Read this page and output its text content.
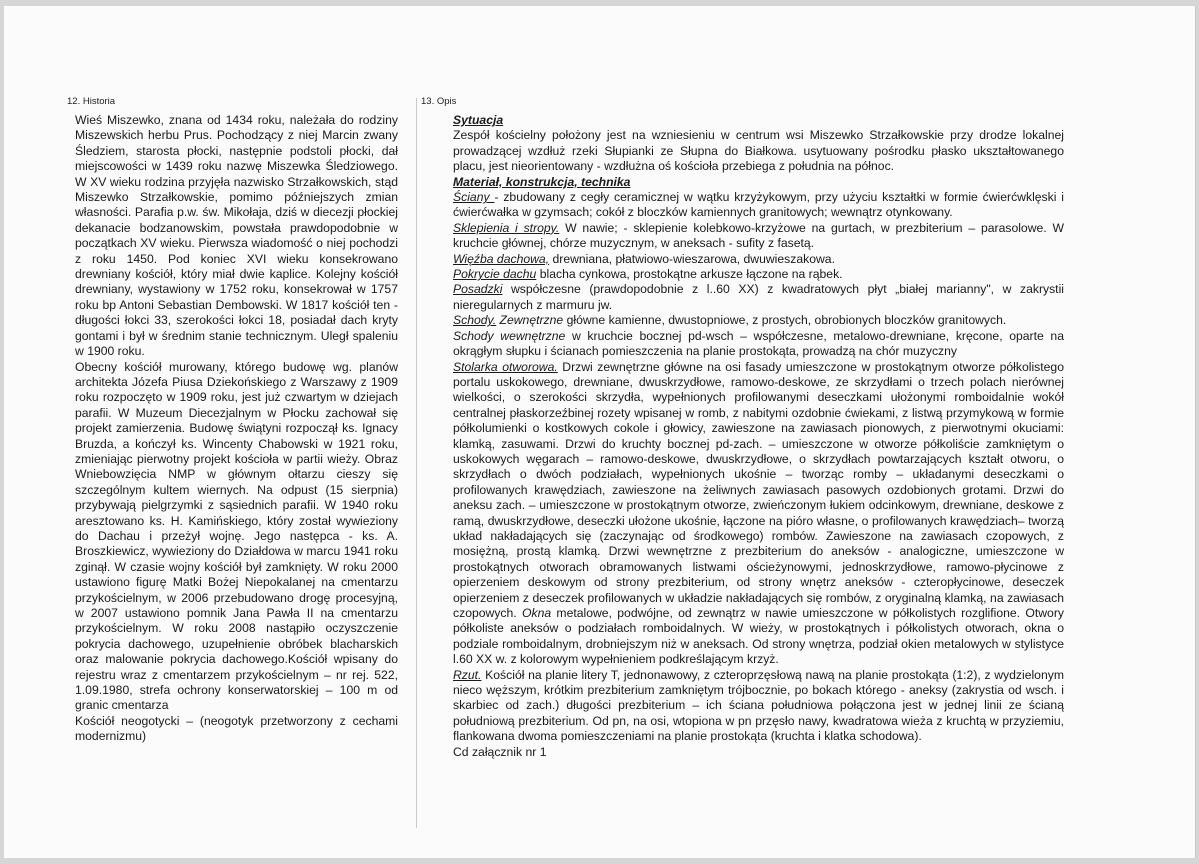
12. Historia

Wieś Miszewko, znana od 1434 roku, należała do rodziny Miszewskich herbu Prus. Pochodzący z niej Marcin zwany Śledziem, starosta płocki, następnie podstoli płocki, dał miejscowości w 1439 roku nazwę Miszewka Śledziowego. W XV wieku rodzina przyjęła nazwisko Strzałkowskich, stąd Miszewko Strzałkowskie, pomimo późniejszych zmian własności. Parafia p.w. św. Mikołaja, dziś w diecezji płockiej dekanacie bodzanowskim, powstała prawdopodobnie w początkach XV wieku. Pierwsza wiadomość o niej pochodzi z roku 1450. Pod koniec XVI wieku konsekrowano drewniany kościół, który miał dwie kaplice. Kolejny kościół drewniany, wystawiony w 1752 roku, konsekrował w 1757 roku bp Antoni Sebastian Dembowski. W 1817 kościół ten - długości łokci 33, szerokości łokci 18, posiadał dach kryty gontami i był w średnim stanie technicznym. Uległ spaleniu w 1900 roku.

Obecny kościół murowany, którego budowę wg. planów architekta Józefa Piusa Dziekońskiego z Warszawy z 1909 roku rozpoczęto w 1909 roku, jest już czwartym w dziejach parafii. W Muzeum Diecezjalnym w Płocku zachował się projekt zamierzenia. Budowę świątyni rozpoczął ks. Ignacy Bruzda, a kończył ks. Wincenty Chabowski w 1921 roku, zmieniając pierwotny projekt kościoła w partii wieży. Obraz Wniebowzięcia NMP w głównym ołtarzu cieszy się szczególnym kultem wiernych. Na odpust (15 sierpnia) przybywają pielgrzymki z sąsiednich parafii. W 1940 roku aresztowano ks. H. Kamińskiego, który został wywieziony do Dachau i przeżył wojnę. Jego następca - ks. A. Broszkiewicz, wywieziony do Działdowa w marcu 1941 roku zginął. W czasie wojny kościół był zamknięty. W roku 2000 ustawiono figurę Matki Bożej Niepokalanej na cmentarzu przykościelnym, w 2006 przebudowano drogę procesyjną, w 2007 ustawiono pomnik Jana Pawła II na cmentarzu przykościelnym. W roku 2008 nastąpiło oczyszczenie pokrycia dachowego, uzupełnienie obróbek blacharskich oraz malowanie pokrycia dachowego.Kościół wpisany do rejestru wraz z cmentarzem przykościelnym – nr rej. 522, 1.09.1980, strefa ochrony konserwatorskiej – 100 m od granic cmentarza

Kościół neogotycki – (neogotyk przetworzony z cechami modernizmu)

13. Opis

Sytuacja

Zespół kościelny położony jest na wzniesieniu w centrum wsi Miszewko Strzałkowskie przy drodze lokalnej prowadzącej wzdłuż rzeki Słupianki ze Słupna do Białkowa. usytuowany pośrodku płasko ukształtowanego placu, jest nieorientowany - wzdłużna oś kościoła przebiega z południa na północ.

Materiał, konstrukcja, technika

Ściany - zbudowany z cegły ceramicznej w wątku krzyżykowym, przy użyciu kształtki w formie ćwierćwklęski i ćwierćwałka w gzymsach; cokół z bloczków kamiennych granitowych; wewnątrz otynkowany.

Sklepienia i stropy. W nawie; - sklepienie kolebkowo-krzyżowe na gurtach, w prezbiterium – parasolowe. W kruchcie głównej, chórze muzycznym, w aneksach - sufity z fasetą.

Więźba dachowa, drewniana, płatwiowo-wieszarowa, dwuwieszakowa.

Pokrycie dachu blacha cynkowa, prostokątne arkusze łączone na rąbek.

Posadzki współczesne (prawdopodobnie z l..60 XX) z kwadratowych płyt „białej marianny", w zakrystii nieregularnych z marmuru jw.

Schody. Zewnętrzne główne kamienne, dwustopniowe, z prostych, obrobionych bloczków granitowych.

Schody wewnętrzne w kruchcie bocznej pd-wsch – współczesne, metalowo-drewniane, kręcone, oparte na okrągłym słupku i ścianach pomieszczenia na planie prostokąta, prowadzą na chór muzyczny

Stolarka otworowa. Drzwi zewnętrzne główne na osi fasady umieszczone w prostokątnym otworze półkolistego portalu uskokowego, drewniane, dwuskrzydłowe, ramowo-deskowe, ze skrzydłami o trzech polach nierównej wielkości, o szerokości skrzydła, wypełnionych profilowanymi deseczkami ułożonymi romboidalnie wokół centralnej płaskorzeźbinej rozety wpisanej w romb, z nabitymi ozdobnie ćwiekami, z listwą przymykową w formie półkolumienki o kostkowych cokole i głowicy, zawieszone na zawiasach pionowych, z pierwotnymi okuciami: klamką, zasuwami. Drzwi do kruchty bocznej pd-zach. – umieszczone w otworze półkoliście zamkniętym o uskokowych węgarach – ramowo-deskowe, dwuskrzydłowe, o skrzydłach powtarzających kształt otworu, o skrzydłach o dwóch podziałach, wypełnionych ukośnie – tworząc romby – układanymi deseczkami o profilowanych krawędziach, zawieszone na żeliwnych zawiasach pasowych ozdobionych grotami. Drzwi do aneksu zach. – umieszczone w prostokątnym otworze, zwieńczonym łukiem odcinkowym, drewniane, deskowe z ramą, dwuskrzydłowe, deseczki ułożone ukośnie, łączone na pióro własne, o profilowanych krawędziach– tworzą układ nakładających się (zaczynając od środkowego) rombów. Zawieszone na zawiasach czopowych, z mosiężną, prostą klamką. Drzwi wewnętrzne z prezbiterium do aneksów - analogiczne, umieszczone w prostokątnych otworach obramowanych listwami ościeżynowymi, jednoskrzydłowe, ramowo-płycinowe z opierzeniem deskowym od strony prezbiterium, od strony wnętrz aneksów - czteropłycinowe, deseczek opierzeniem z deseczek profilowanych w układzie nakładających się rombów, z oryginalną klamką, na zawiasach czopowych. Okna metalowe, podwójne, od zewnątrz w nawie umieszczone w półkolistych rozglifione. Otwory półkoliste aneksów o podziałach romboidalnych. W wieży, w prostokątnych i półkolistych otworach, okna o podziale romboidalnym, drobniejszym niż w aneksach. Od strony wnętrza, podział okien metalowych w stylistyce l.60 XX w. z kolorowym wypełnieniem podkreślającym krzyż.

Rzut. Kościół na planie litery T, jednonawowy, z czteroprzęsłową nawą na planie prostokąta (1:2), z wydzielonym nieco węższym, krótkim prezbiterium zamkniętym trójbocznie, po bokach którego - aneksy (zakrystia od wsch. i skarbiec od zach.) długości prezbiterium – ich ściana południowa połączona jest w jednej linii ze ścianą południową prezbiterium. Od pn, na osi, wtopiona w pn przęsło nawy, kwadratowa wieża z kruchtą w przyziemiu, flankowana dwoma pomieszczeniami na planie prostokąta (kruchta i klatka schodowa).

Cd załącznik nr 1
